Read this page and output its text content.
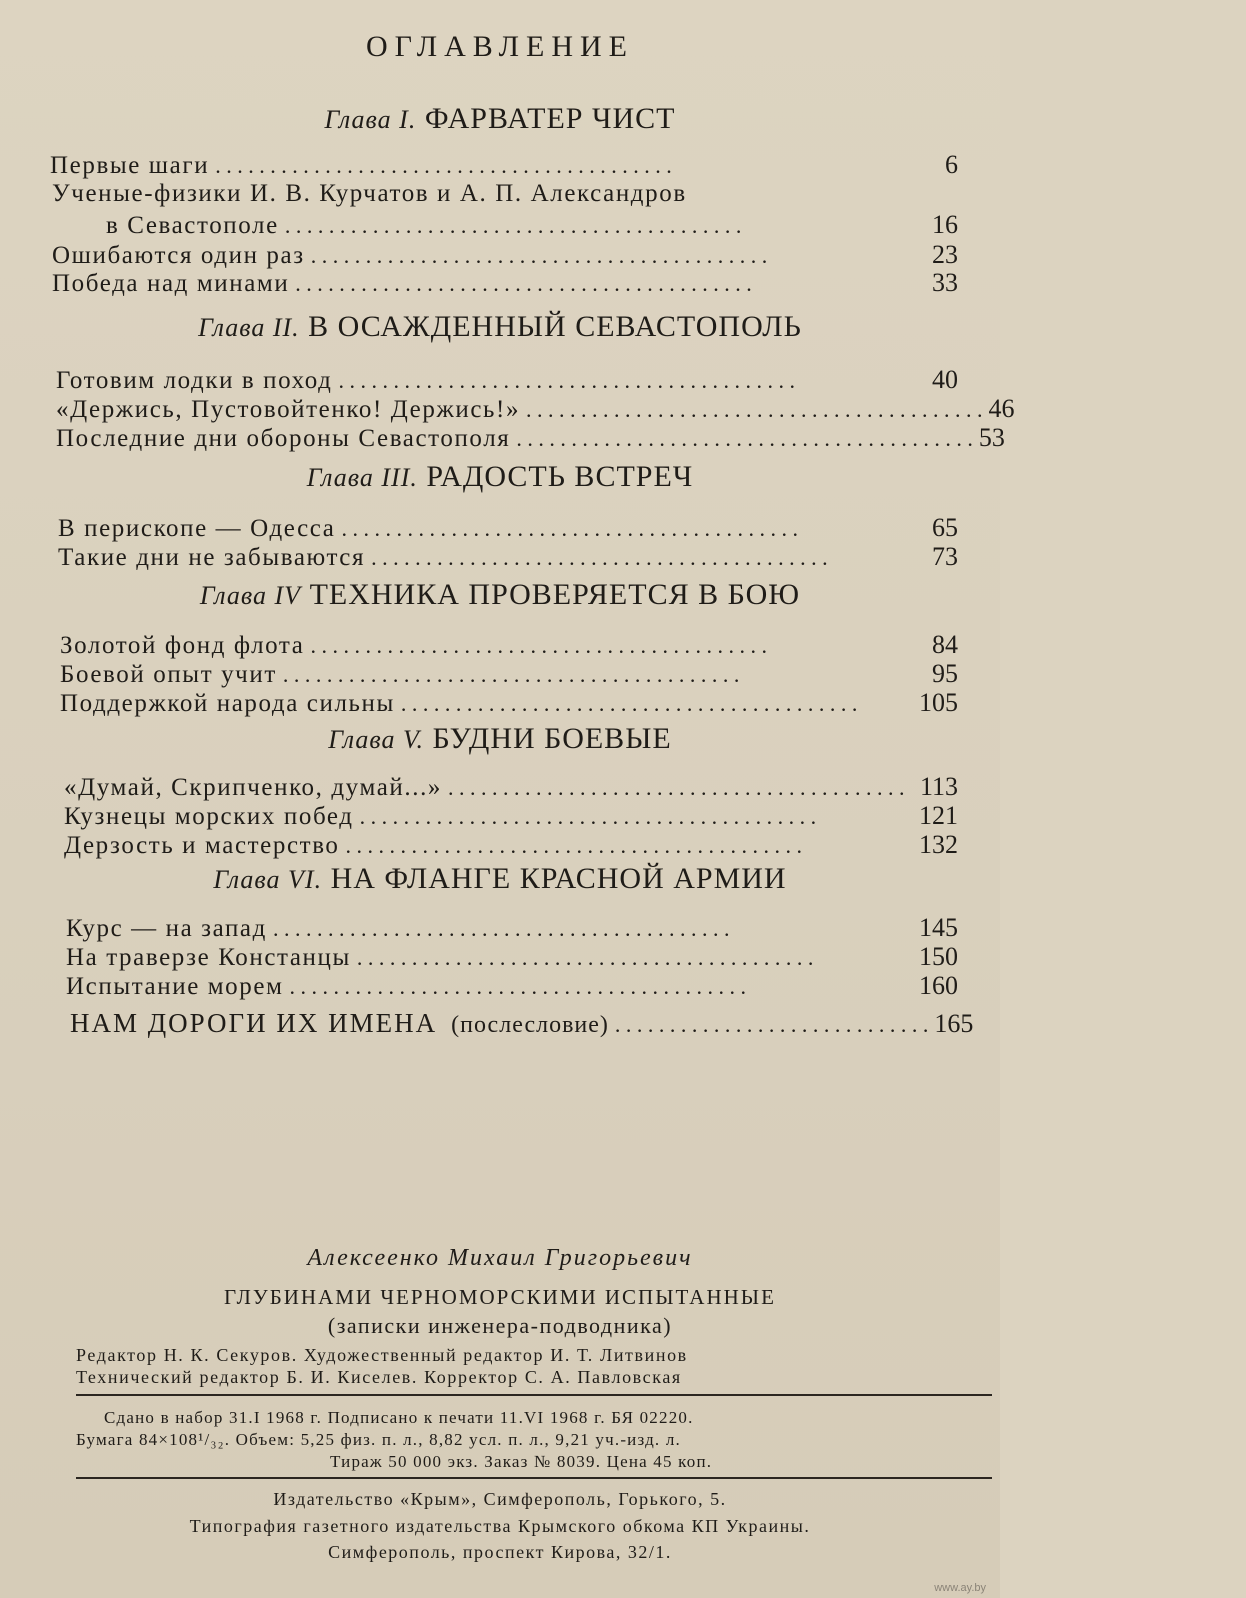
ОГЛАВЛЕНИЕ
Глава I. ФАРВАТЕР ЧИСТ
Первые шаги . . . . . . . . . . . . . . . . . . . . . . . . . . . . . . . . . . . . . . . . . .	6
Ученые-физики И. В. Курчатов и А. П. Александров
в Севастополе . . . . . . . . . . . . . . . . . . . . . . . . . . . . . . . . . . . . . . . . . .	16
Ошибаются один раз . . . . . . . . . . . . . . . . . . . . . . . . . . . . . . . . . . . . . . . . . .	23
Победа над минами . . . . . . . . . . . . . . . . . . . . . . . . . . . . . . . . . . . . . . . . . .	33
Глава II. В ОСАЖДЕННЫЙ СЕВАСТОПОЛЬ
Готовим лодки в поход . . . . . . . . . . . . . . . . . . . . . . . . . . . . . . . . . . . . . . . . . .	40
«Держись, Пустовойтенко! Держись!» . . . . . . . . . . . . . . . . . . . . . . . . . . . . . . . . . . . . . . . . . . 46
Последние дни обороны Севастополя . . . . . . . . . . . . . . . . . . . . . . . . . . . . . . . . . . . . . . . . . . 53
Глава III. РАДОСТЬ ВСТРЕЧ
В перископе — Одесса . . . . . . . . . . . . . . . . . . . . . . . . . . . . . . . . . . . . . . . . . .	65
Такие дни не забываются . . . . . . . . . . . . . . . . . . . . . . . . . . . . . . . . . . . . . . . . . .	73
Глава IV ТЕХНИКА ПРОВЕРЯЕТСЯ В БОЮ
Золотой фонд флота . . . . . . . . . . . . . . . . . . . . . . . . . . . . . . . . . . . . . . . . . .	84
Боевой опыт учит . . . . . . . . . . . . . . . . . . . . . . . . . . . . . . . . . . . . . . . . . .	95
Поддержкой народа сильны . . . . . . . . . . . . . . . . . . . . . . . . . . . . . . . . . . . . . . . . . .	105
Глава V. БУДНИ БОЕВЫЕ
«Думай, Скрипченко, думай...» . . . . . . . . . . . . . . . . . . . . . . . . . . . . . . . . . . . . . . . . . . 113
Кузнецы морских побед . . . . . . . . . . . . . . . . . . . . . . . . . . . . . . . . . . . . . . . . . .	121
Дерзость и мастерство . . . . . . . . . . . . . . . . . . . . . . . . . . . . . . . . . . . . . . . . . .	132
Глава VI. НА ФЛАНГЕ КРАСНОЙ АРМИИ
Курс — на запад . . . . . . . . . . . . . . . . . . . . . . . . . . . . . . . . . . . . . . . . . .	145
На траверзе Констанцы . . . . . . . . . . . . . . . . . . . . . . . . . . . . . . . . . . . . . . . . . .	150
Испытание морем . . . . . . . . . . . . . . . . . . . . . . . . . . . . . . . . . . . . . . . . . .	160
НАМ ДОРОГИ ИХ ИМЕНА (послесловие) . . . . . . . . . . . . . . . . . . . . . . . . . . . . . 165
Алексеенко Михаил Григорьевич
ГЛУБИНАМИ ЧЕРНОМОРСКИМИ ИСПЫТАННЫЕ
(записки инженера-подводника)
Редактор Н. К. Секуров. Художественный редактор И. Т. Литвинов
Технический редактор Б. И. Киселев. Корректор С. А. Павловская
Сдано в набор 31.I 1968 г. Подписано к печати 11.VI 1968 г. БЯ 02220.
Бумага 84×108¹/₃₂. Объем: 5,25 физ. п. л., 8,82 усл. п. л., 9,21 уч.-изд. л.
Тираж 50 000 экз. Заказ № 8039. Цена 45 коп.
Издательство «Крым», Симферополь, Горького, 5.
Типография газетного издательства Крымского обкома КП Украины.
Симферополь, проспект Кирова, 32/1.
www.ay.by
